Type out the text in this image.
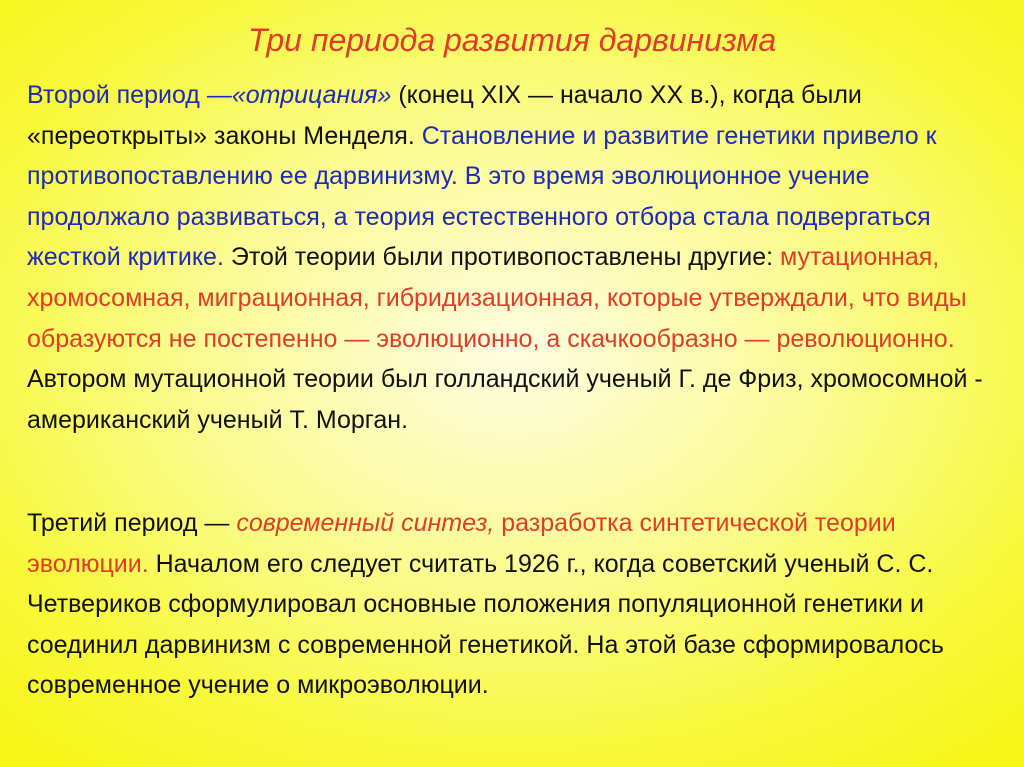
Три периода развития дарвинизма

Второй период —«отрицания» (конец XIX — начало XX в.), когда были «переоткрыты» законы Менделя. Становление и развитие генетики привело к противопоставлению ее дарвинизму. В это время эволюционное учение продолжало развиваться, а теория естественного отбора стала подвергаться жесткой критике. Этой теории были противопоставлены другие: мутационная, хромосомная, миграционная, гибридизационная, которые утверждали, что виды образуются не постепенно — эволюционно, а скачкообразно — революционно. Автором мутационной теории был голландский ученый Г. де Фриз, хромосомной - американский ученый Т. Морган.

Третий период — современный синтез, разработка синтетической теории эволюции. Началом его следует считать 1926 г., когда советский ученый С. С. Четвериков сформулировал основные положения популяционной генетики и соединил дарвинизм с современной генетикой. На этой базе сформировалось современное учение о микроэволюции.
